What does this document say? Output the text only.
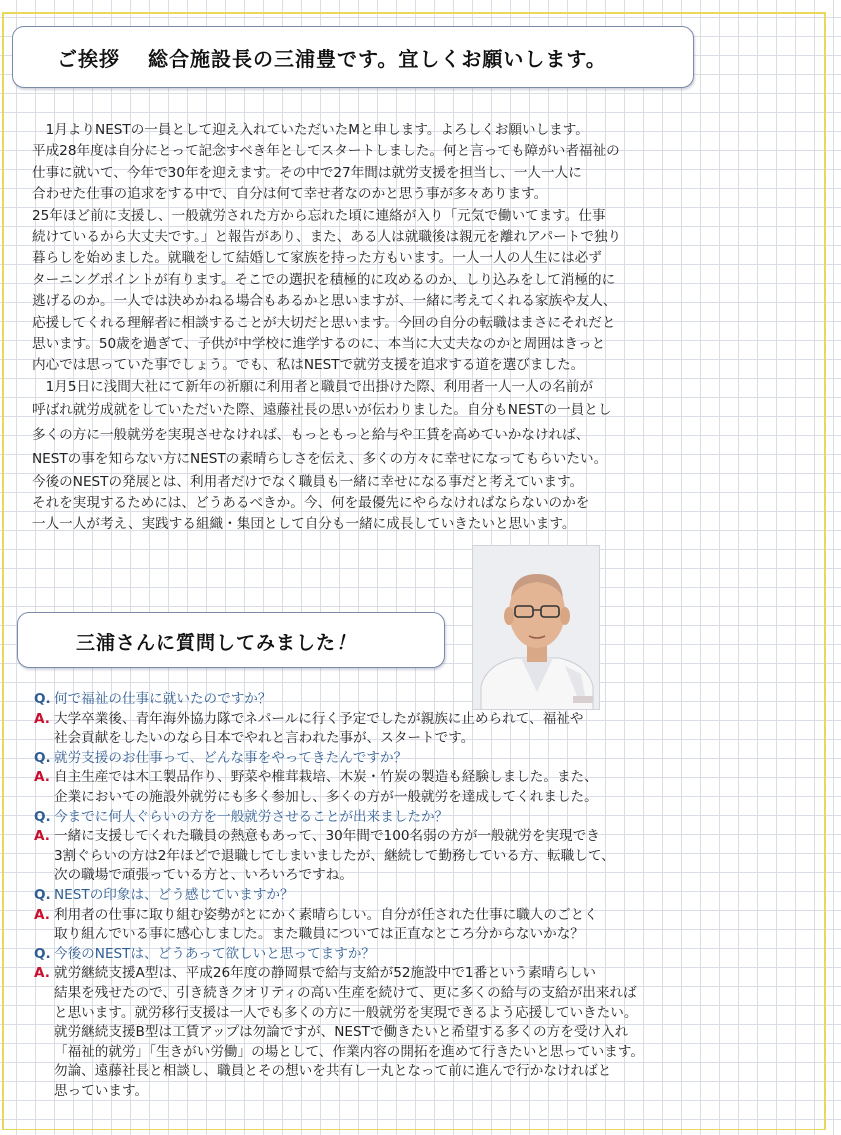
ご挨拶 総合施設長の三浦豊です。宜しくお願いします。
　1月よりNESTの一員として迎え入れていただいたMと申します。よろしくお願いします。
平成28年度は自分にとって記念すべき年としてスタートしました。何と言っても障がい者福祉の
仕事に就いて、今年で30年を迎えます。その中で27年間は就労支援を担当し、一人一人に
合わせた仕事の追求をする中で、自分は何て幸せ者なのかと思う事が多々あります。
25年ほど前に支援し、一般就労された方から忘れた頃に連絡が入り「元気で働いてます。仕事
続けているから大丈夫です。」と報告があり、また、ある人は就職後は親元を離れアパートで独り
暮らしを始めました。就職をして結婚して家族を持った方もいます。一人一人の人生には必ず
ターニングポイントが有ります。そこでの選択を積極的に攻めるのか、しり込みをして消極的に
逃げるのか。一人では決めかねる場合もあるかと思いますが、一緒に考えてくれる家族や友人、
応援してくれる理解者に相談することが大切だと思います。今回の自分の転職はまさにそれだと
思います。50歳を過ぎて、子供が中学校に進学するのに、本当に大丈夫なのかと周囲はきっと
内心では思っていた事でしょう。でも、私はNESTで就労支援を追求する道を選びました。
　1月5日に浅間大社にて新年の祈願に利用者と職員で出掛けた際、利用者一人一人の名前が
呼ばれ就労成就をしていただいた際、遠藤社長の思いが伝わりました。自分もNESTの一員とし
多くの方に一般就労を実現させなければ、もっともっと給与や工賃を高めていかなければ、
NESTの事を知らない方にNESTの素晴らしさを伝え、多くの方々に幸せになってもらいたい。
今後のNESTの発展とは、利用者だけでなく職員も一緒に幸せになる事だと考えています。
それを実現するためには、どうあるべきか。今、何を最優先にやらなければならないのかを
一人一人が考え、実践する組織・集団として自分も一緒に成長していきたいと思います。
三浦さんに質問してみました！
Q. 何で福祉の仕事に就いたのですか？
A. 大学卒業後、青年海外協力隊でネパールに行く予定でしたが親族に止められて、福祉や
社会貢献をしたいのなら日本でやれと言われた事が、スタートです。
Q. 就労支援のお仕事って、どんな事をやってきたんですか？
A. 自主生産では木工製品作り、野菜や椎茸栽培、木炭・竹炭の製造も経験しました。また、
企業においての施設外就労にも多く参加し、多くの方が一般就労を達成してくれました。
Q. 今までに何人ぐらいの方を一般就労させることが出来ましたか？
A. 一緒に支援してくれた職員の熱意もあって、30年間で100名弱の方が一般就労を実現でき
3割ぐらいの方は2年ほどで退職してしまいましたが、継続して勤務している方、転職して、
次の職場で頑張っている方と、いろいろですね。
Q. NESTの印象は、どう感じていますか？
A. 利用者の仕事に取り組む姿勢がとにかく素晴らしい。自分が任された仕事に職人のごとく
取り組んでいる事に感心しました。また職員については正直なところ分からないかな？
Q. 今後のNESTは、どうあって欲しいと思ってますか？
A. 就労継続支援A型は、平成26年度の静岡県で給与支給が52施設中で1番という素晴らしい
結果を残せたので、引き続きクオリティの高い生産を続けて、更に多くの給与の支給が出来れば
と思います。就労移行支援は一人でも多くの方に一般就労を実現できるよう応援していきたい。
就労継続支援B型は工賃アップは勿論ですが、NESTで働きたいと希望する多くの方を受け入れ
「福祉的就労」「生きがい労働」の場として、作業内容の開拓を進めて行きたいと思っています。
勿論、遠藤社長と相談し、職員とその想いを共有し一丸となって前に進んで行かなければと
思っています。
